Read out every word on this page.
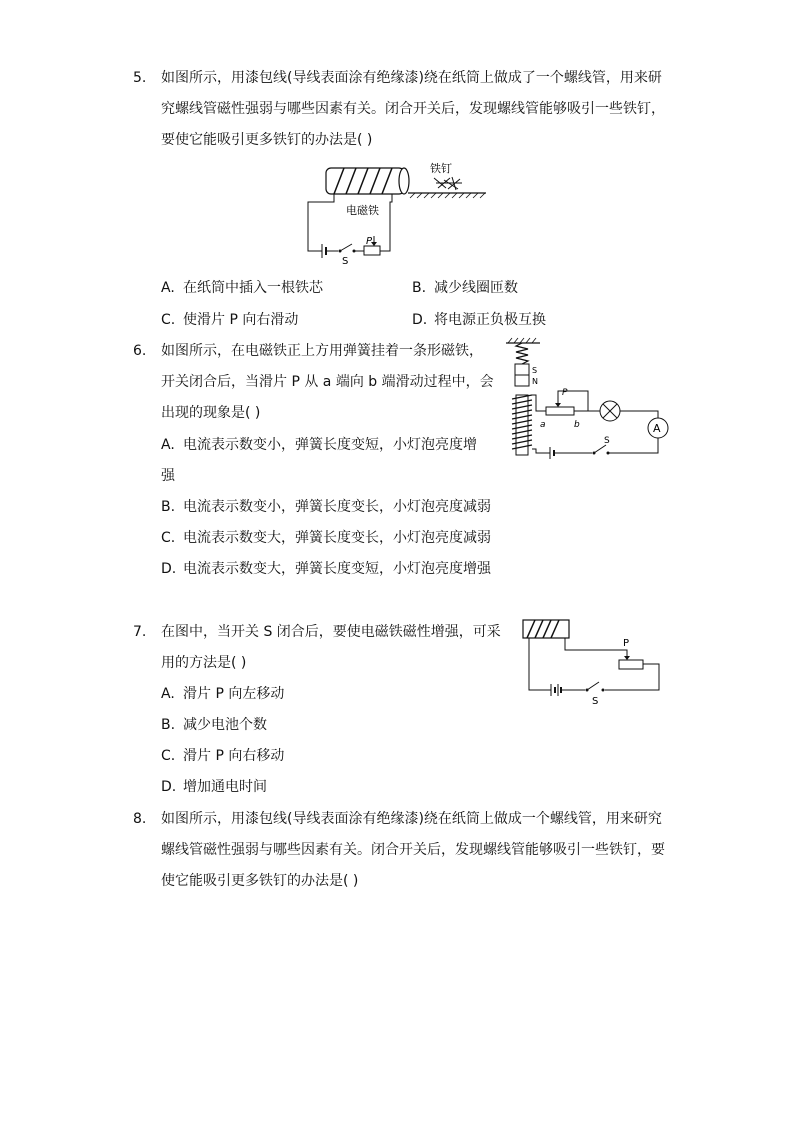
5.	如图所示，用漆包线(导线表面涂有绝缘漆)绕在纸筒上做成了一个螺线管，用来研
究螺线管磁性强弱与哪些因素有关。闭合开关后，发现螺线管能够吸引一些铁钉，
要使它能吸引更多铁钉的办法是( )
S
P
电磁铁
铁钉
A. 在纸筒中插入一根铁芯	B. 减少线圈匝数
C. 使滑片 P 向右滑动	D. 将电源正负极互换
6.	如图所示，在电磁铁正上方用弹簧挂着一条形磁铁，
开关闭合后，当滑片 P 从 a 端向 b 端滑动过程中，会
出现的现象是( )
S
N
S
a	b
P
A
A. 电流表示数变小，弹簧长度变短，小灯泡亮度增
强
B. 电流表示数变小，弹簧长度变长，小灯泡亮度减弱
C. 电流表示数变大，弹簧长度变长，小灯泡亮度减弱
D. 电流表示数变大，弹簧长度变短，小灯泡亮度增强
7.	在图中，当开关 S 闭合后，要使电磁铁磁性增强，可采
用的方法是( )
P
S
A. 滑片 P 向左移动
B. 减少电池个数
C. 滑片 P 向右移动
D. 增加通电时间
8.	如图所示，用漆包线(导线表面涂有绝缘漆)绕在纸筒上做成一个螺线管，用来研究
螺线管磁性强弱与哪些因素有关。闭合开关后，发现螺线管能够吸引一些铁钉，要
使它能吸引更多铁钉的办法是( )
